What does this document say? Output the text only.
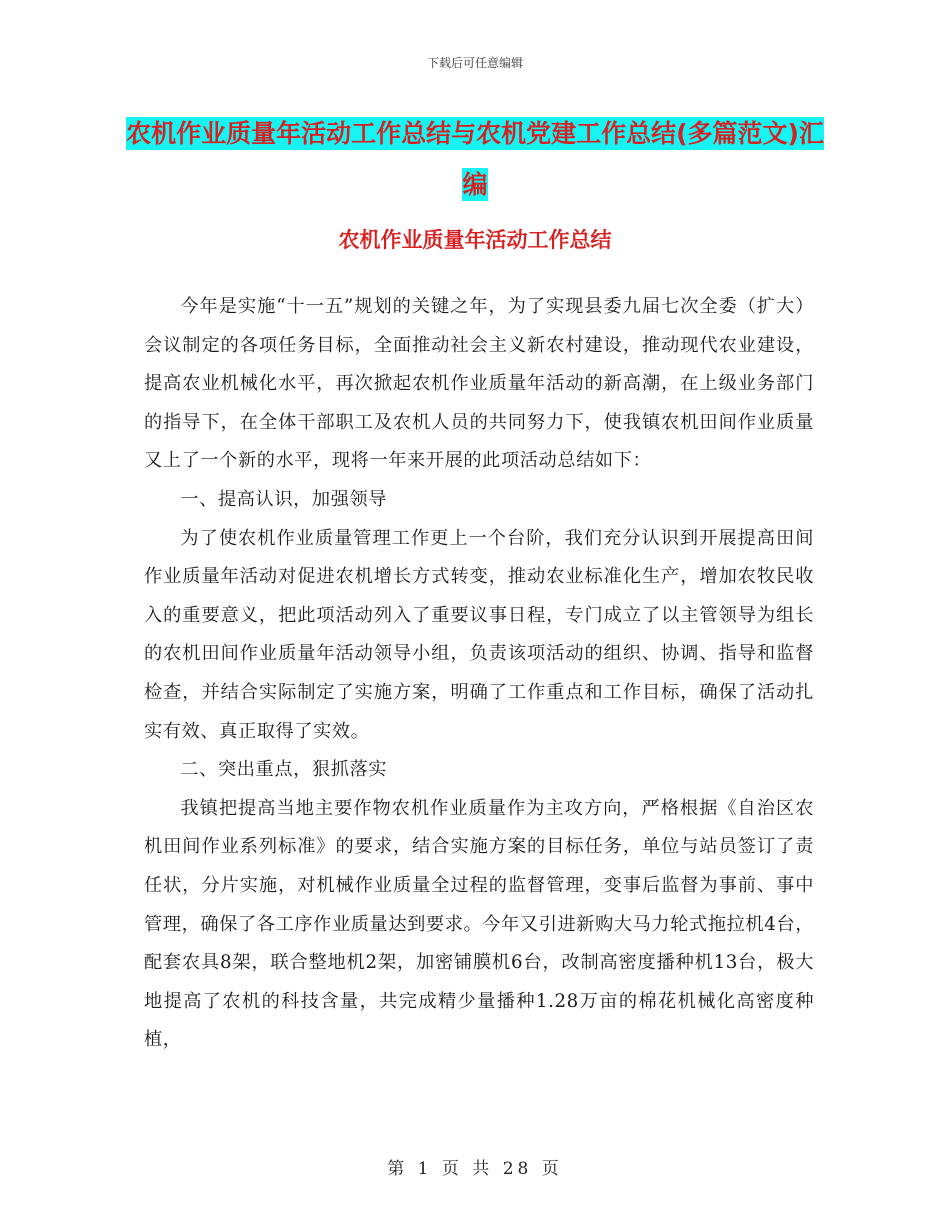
下载后可任意编辑
农机作业质量年活动工作总结与农机党建工作总结(多篇范文)汇编
农机作业质量年活动工作总结

今年是实施“十一五”规划的关键之年，为了实现县委九届七次全委（扩大）会议制定的各项任务目标，全面推动社会主义新农村建设，推动现代农业建设，提高农业机械化水平，再次掀起农机作业质量年活动的新高潮，在上级业务部门的指导下，在全体干部职工及农机人员的共同努力下，使我镇农机田间作业质量又上了一个新的水平，现将一年来开展的此项活动总结如下：

一、提高认识，加强领导

为了使农机作业质量管理工作更上一个台阶，我们充分认识到开展提高田间作业质量年活动对促进农机增长方式转变，推动农业标准化生产，增加农牧民收入的重要意义，把此项活动列入了重要议事日程，专门成立了以主管领导为组长的农机田间作业质量年活动领导小组，负责该项活动的组织、协调、指导和监督检查，并结合实际制定了实施方案，明确了工作重点和工作目标，确保了活动扎实有效、真正取得了实效。

二、突出重点，狠抓落实

我镇把提高当地主要作物农机作业质量作为主攻方向，严格根据《自治区农机田间作业系列标准》的要求，结合实施方案的目标任务，单位与站员签订了责任状，分片实施，对机械作业质量全过程的监督管理，变事后监督为事前、事中管理，确保了各工序作业质量达到要求。今年又引进新购大马力轮式拖拉机4台，配套农具8架，联合整地机2架，加密铺膜机6台，改制高密度播种机13台，极大地提高了农机的科技含量，共完成精少量播种1.28万亩的棉花机械化高密度种植，

第 1 页 共 28 页
